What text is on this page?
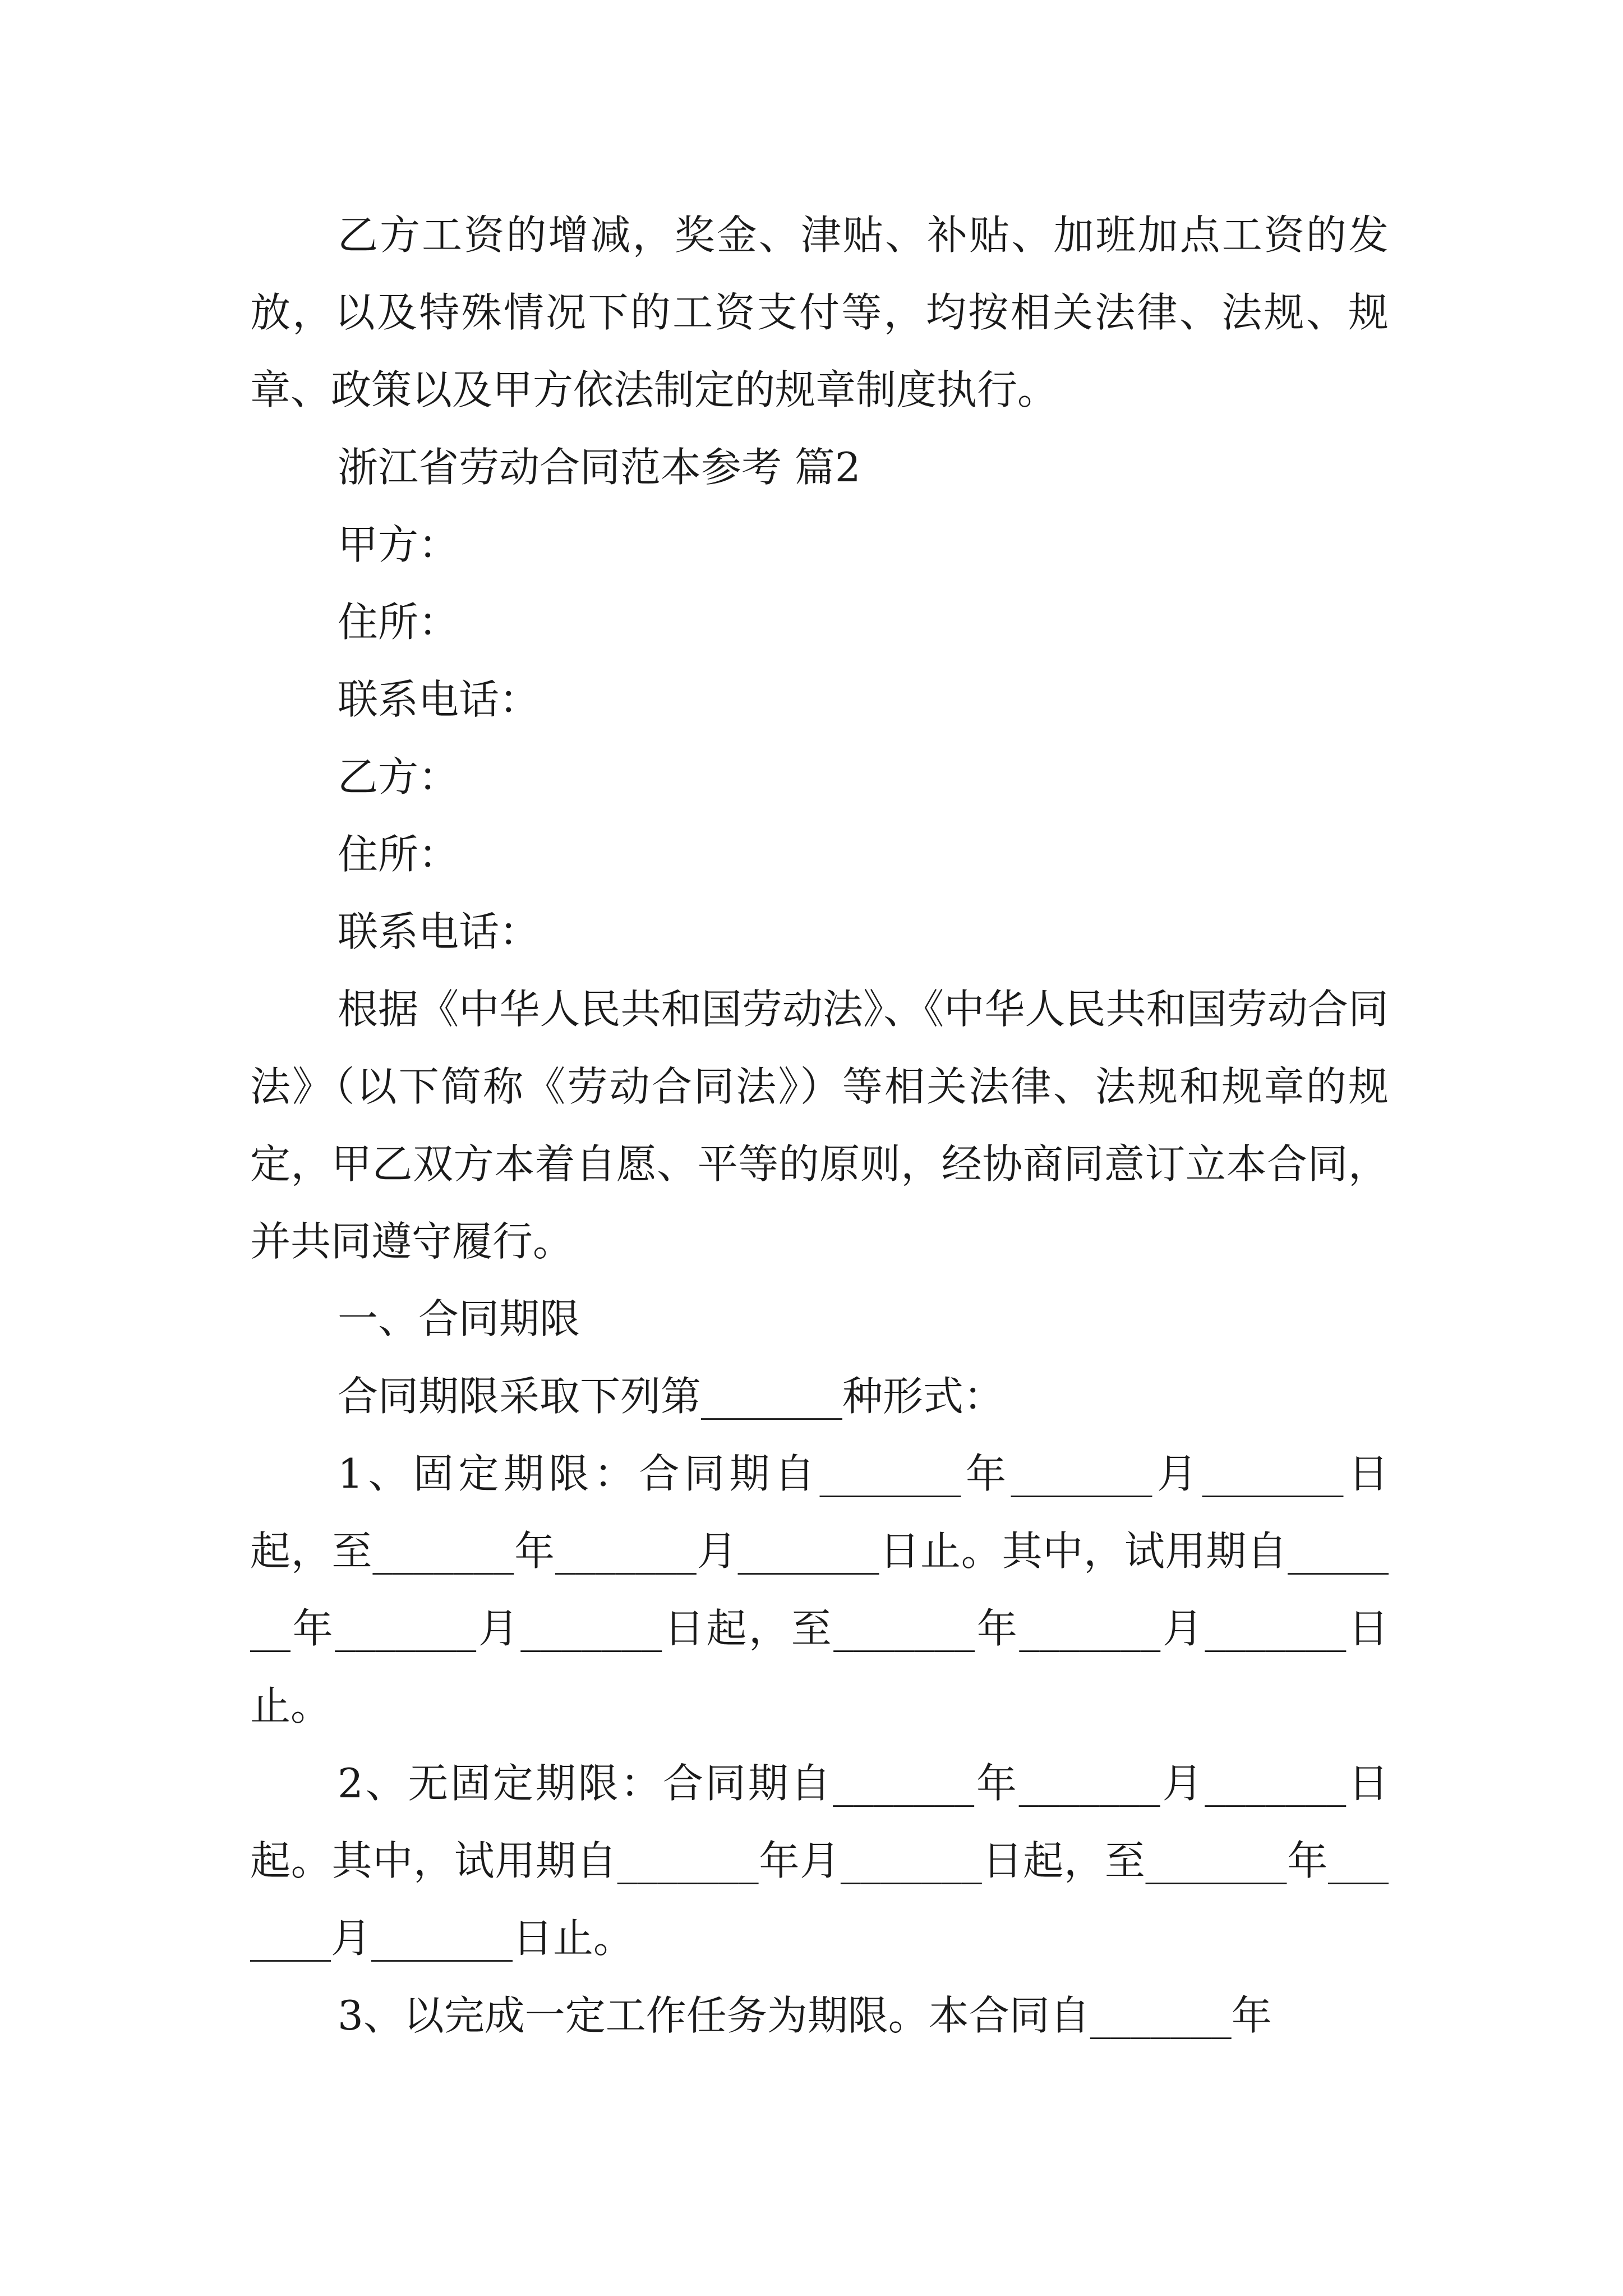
乙方工资的增减，奖金、津贴、补贴、加班加点工资的发放，以及特殊情况下的工资支付等，均按相关法律、法规、规章、政策以及甲方依法制定的规章制度执行。

浙江省劳动合同范本参考 篇2

甲方：

住所：

联系电话：

乙方：

住所：

联系电话：

根据《中华人民共和国劳动法》、《中华人民共和国劳动合同法》（以下简称《劳动合同法》）等相关法律、法规和规章的规定，甲乙双方本着自愿、平等的原则，经协商同意订立本合同，并共同遵守履行。

一、合同期限

合同期限采取下列第_______种形式：

1、固定期限：合同期自_______年_______月_______日起，至_______年_______月_______日止。其中，试用期自_______年_______月_______日起，至_______年_______月_______日止。

2、无固定期限：合同期自_______年_______月_______日起。其中，试用期自_______年月_______日起，至_______年_______月_______日止。

3、以完成一定工作任务为期限。本合同自_______年
